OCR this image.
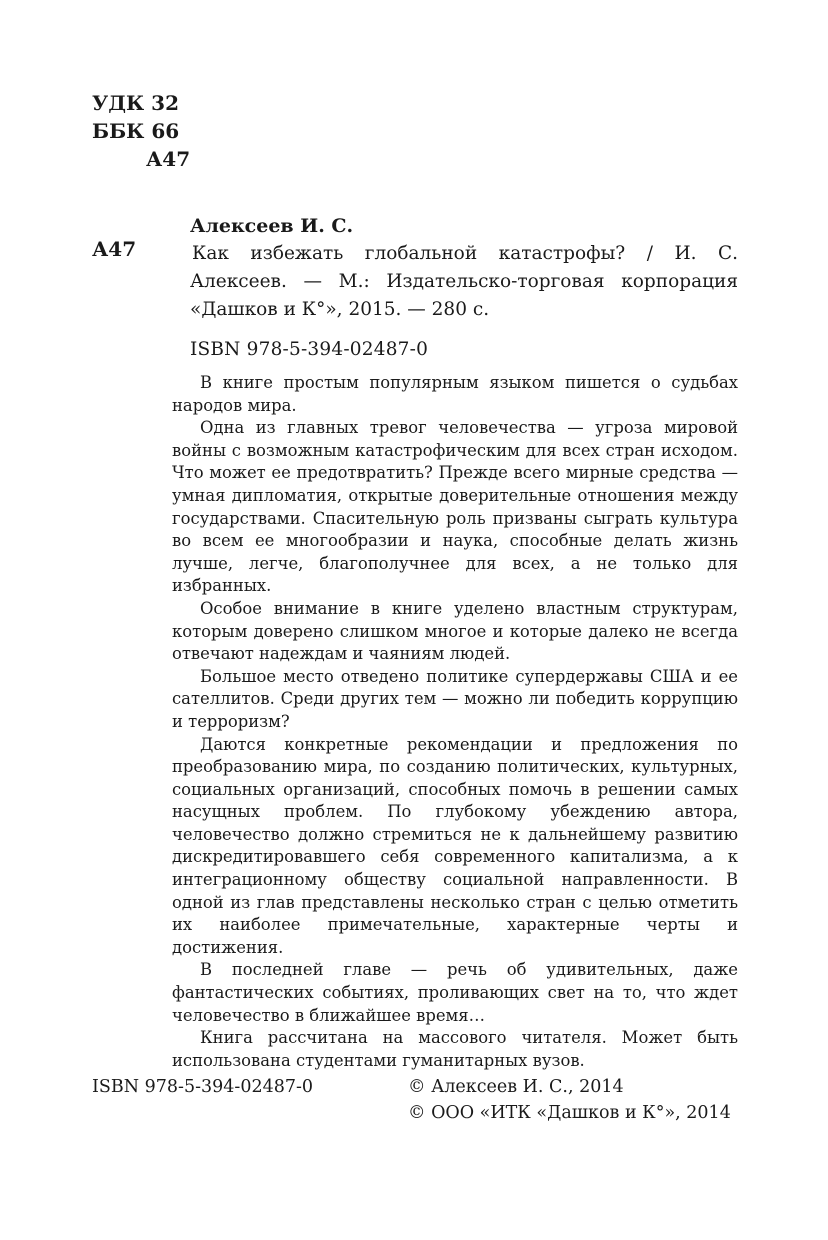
УДК 32
ББК 66
А47
А47

Алексеев И. С.

Как избежать глобальной катастрофы? / И. С. Алексеев. — М.: Издательско-торговая корпорация «Дашков и К°», 2015. — 280 с.

ISBN 978-5-394-02487-0

В книге простым популярным языком пишется о судьбах народов мира.

Одна из главных тревог человечества — угроза мировой войны с возможным катастрофическим для всех стран исходом. Что может ее предотвратить? Прежде всего мирные средства — умная дипломатия, открытые доверительные отношения между государствами. Спасительную роль призваны сыграть культура во всем ее многообразии и наука, способные делать жизнь лучше, легче, благополучнее для всех, а не только для избранных.

Особое внимание в книге уделено властным структурам, которым доверено слишком многое и которые далеко не всегда отвечают надеждам и чаяниям людей.

Большое место отведено политике супердержавы США и ее сателлитов. Среди других тем — можно ли победить коррупцию и терроризм?

Даются конкретные рекомендации и предложения по преобразованию мира, по созданию политических, культурных, социальных организаций, способных помочь в решении самых насущных проблем. По глубокому убеждению автора, человечество должно стремиться не к дальнейшему развитию дискредитировавшего себя современного капитализма, а к интеграционному обществу социальной направленности. В одной из глав представлены несколько стран с целью отметить их наиболее примечательные, характерные черты и достижения.

В последней главе — речь об удивительных, даже фантастических событиях, проливающих свет на то, что ждет человечество в ближайшее время…

Книга рассчитана на массового читателя. Может быть использована студентами гуманитарных вузов.

ISBN 978-5-394-02487-0	© Алексеев И. С., 2014
© ООО «ИТК «Дашков и К°», 2014
